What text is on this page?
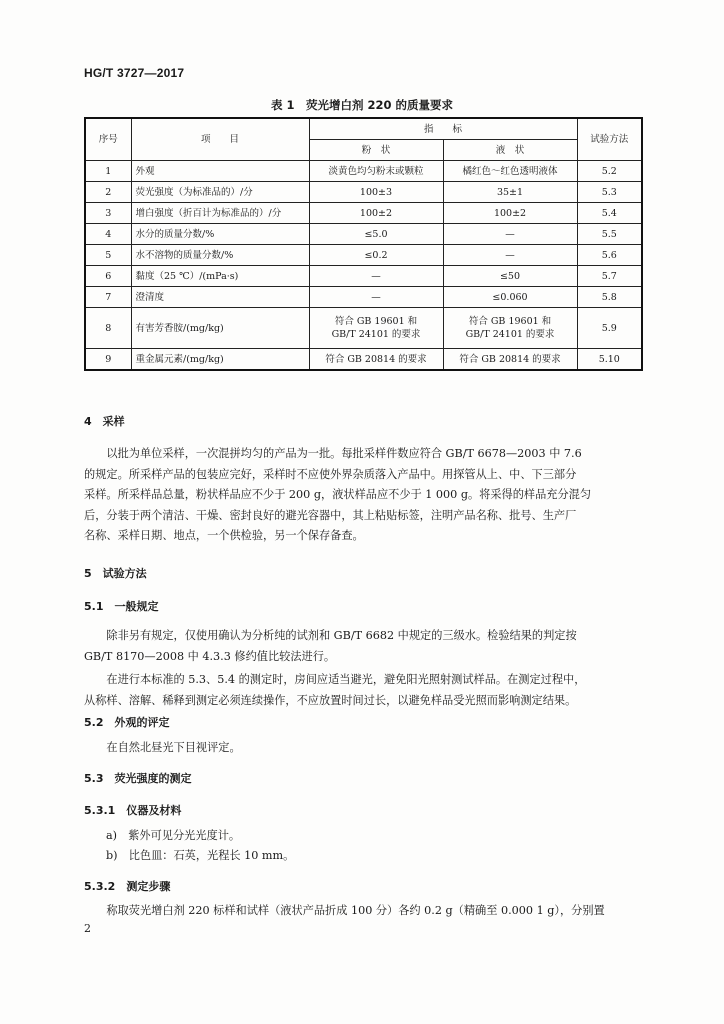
HG/T 3727—2017
表 1　荧光增白剂 220 的质量要求
序号	项　　目	指　　标		试验方法
		粉　状	液　状	
1	外观	淡黄色均匀粉末或颗粒	橘红色～红色透明液体	5.2
2	荧光强度（为标准品的）/分	100±3	35±1	5.3
3	增白强度（折百计为标准品的）/分	100±2	100±2	5.4
4	水分的质量分数/%	≤5.0	—	5.5
5	水不溶物的质量分数/%	≤0.2	—	5.6
6	黏度（25 ℃）/(mPa·s)	—	≤50	5.7
7	澄清度	—	≤0.060	5.8
8	有害芳香胺/(mg/kg)	符合 GB 19601 和
GB/T 24101 的要求	符合 GB 19601 和
GB/T 24101 的要求	5.9
9	重金属元素/(mg/kg)	符合 GB 20814 的要求	符合 GB 20814 的要求	5.10
4　采样
　　以批为单位采样，一次混拼均匀的产品为一批。每批采样件数应符合 GB/T 6678—2003 中 7.6
的规定。所采样产品的包装应完好，采样时不应使外界杂质落入产品中。用探管从上、中、下三部分
采样。所采样品总量，粉状样品应不少于 200 g，液状样品应不少于 1 000 g。将采得的样品充分混匀
后，分装于两个清洁、干燥、密封良好的避光容器中，其上粘贴标签，注明产品名称、批号、生产厂
名称、采样日期、地点，一个供检验，另一个保存备查。
5　试验方法
5.1　一般规定
　　除非另有规定，仅使用确认为分析纯的试剂和 GB/T 6682 中规定的三级水。检验结果的判定按
GB/T 8170—2008 中 4.3.3 修约值比较法进行。
　　在进行本标准的 5.3、5.4 的测定时，房间应适当避光，避免阳光照射测试样品。在测定过程中，
从称样、溶解、稀释到测定必须连续操作，不应放置时间过长，以避免样品受光照而影响测定结果。
5.2　外观的评定
　　在自然北昼光下目视评定。
5.3　荧光强度的测定
5.3.1　仪器及材料
a)　紫外可见分光光度计。
b)　比色皿：石英，光程长 10 mm。
5.3.2　测定步骤
　　称取荧光增白剂 220 标样和试样（液状产品折成 100 分）各约 0.2 g（精确至 0.000 1 g），分别置
2
